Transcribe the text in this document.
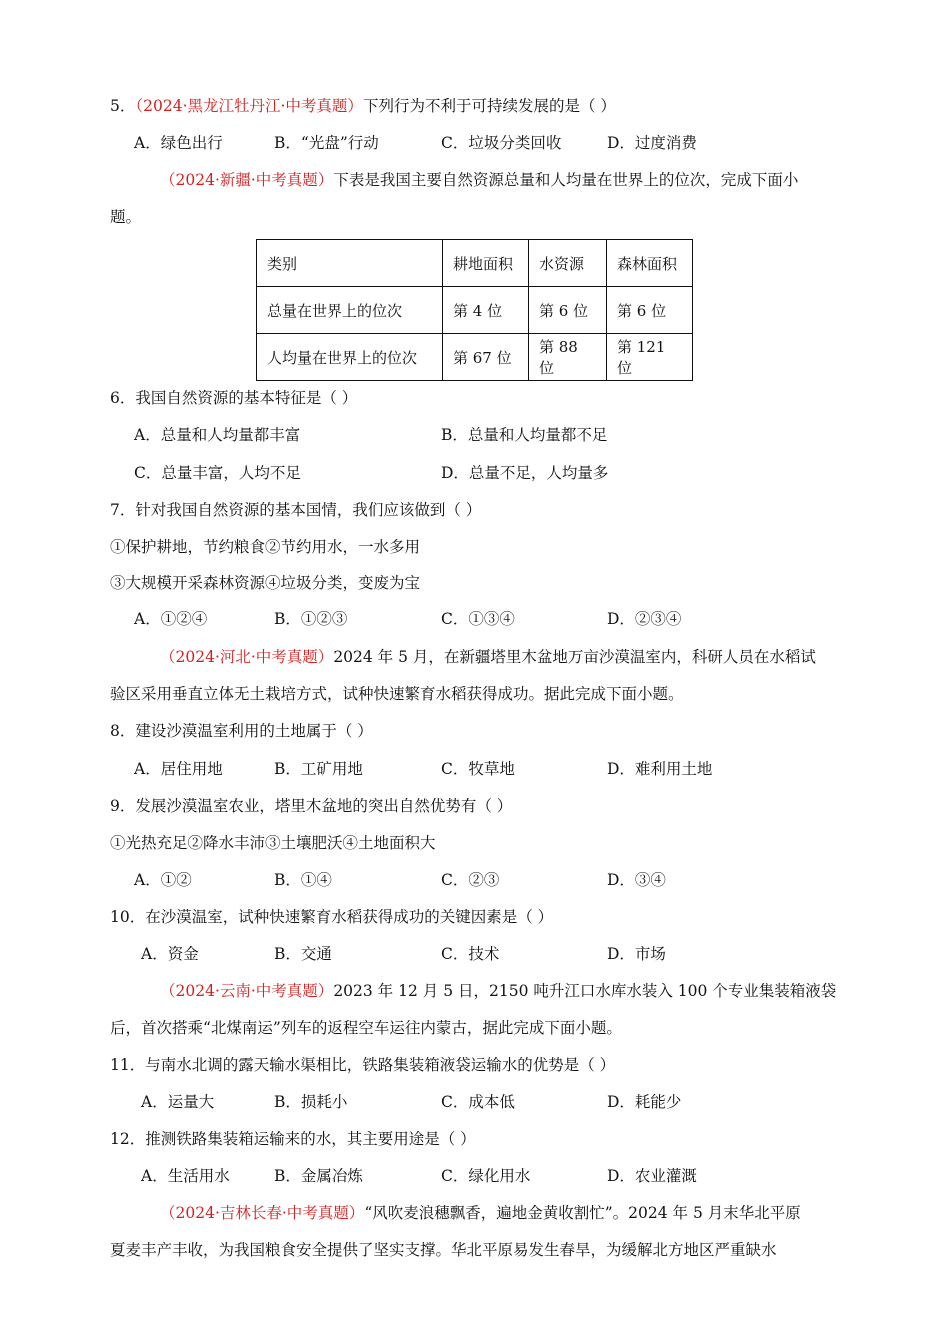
5．（2024·黑龙江牡丹江·中考真题）下列行为不利于可持续发展的是（ ）
A．绿色出行	B．“光盘”行动	C．垃圾分类回收	D．过度消费
（2024·新疆·中考真题）下表是我国主要自然资源总量和人均量在世界上的位次，完成下面小
题。
类别	耕地面积	水资源	森林面积
总量在世界上的位次	第 4 位	第 6 位	第 6 位
人均量在世界上的位次	第 67 位	第 88 位	第 121 位
6．我国自然资源的基本特征是（ ）
A．总量和人均量都丰富	B．总量和人均量都不足
C．总量丰富，人均不足	D．总量不足，人均量多
7．针对我国自然资源的基本国情，我们应该做到（ ）
①保护耕地，节约粮食②节约用水，一水多用
③大规模开采森林资源④垃圾分类，变废为宝
A．①②④	B．①②③	C．①③④	D．②③④
（2024·河北·中考真题）2024 年 5 月，在新疆塔里木盆地万亩沙漠温室内，科研人员在水稻试
验区采用垂直立体无土栽培方式，试种快速繁育水稻获得成功。据此完成下面小题。
8．建设沙漠温室利用的土地属于（ ）
A．居住用地	B．工矿用地	C．牧草地	D．难利用土地
9．发展沙漠温室农业，塔里木盆地的突出自然优势有（ ）
①光热充足②降水丰沛③土壤肥沃④土地面积大
A．①②	B．①④	C．②③	D．③④
10．在沙漠温室，试种快速繁育水稻获得成功的关键因素是（ ）
A．资金	B．交通	C．技术	D．市场
（2024·云南·中考真题）2023 年 12 月 5 日，2150 吨升江口水库水装入 100 个专业集装箱液袋
后，首次搭乘“北煤南运”列车的返程空车运往内蒙古，据此完成下面小题。
11．与南水北调的露天输水渠相比，铁路集装箱液袋运输水的优势是（ ）
A．运量大	B．损耗小	C．成本低	D．耗能少
12．推测铁路集装箱运输来的水，其主要用途是（ ）
A．生活用水	B．金属冶炼	C．绿化用水	D．农业灌溉
（2024·吉林长春·中考真题）“风吹麦浪穗飘香，遍地金黄收割忙”。2024 年 5 月末华北平原
夏麦丰产丰收，为我国粮食安全提供了坚实支撑。华北平原易发生春旱，为缓解北方地区严重缺水
